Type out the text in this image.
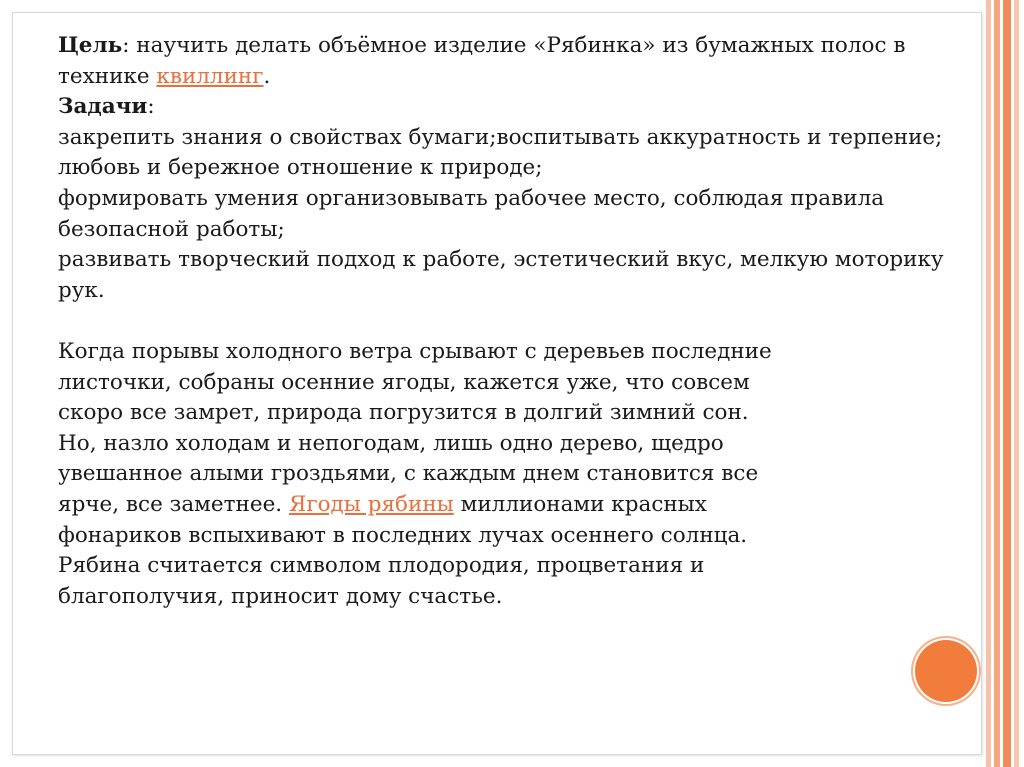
Цель: научить делать объёмное изделие «Рябинка» из бумажных полос в технике квиллинг.

Задачи:

закрепить знания о свойствах бумаги;воспитывать аккуратность и терпение;

любовь и бережное отношение к природе;

формировать умения организовывать рабочее место, соблюдая правила безопасной работы;

развивать творческий подход к работе, эстетический вкус, мелкую моторику рук.

Когда порывы холодного ветра срывают с деревьев последние листочки, собраны осенние ягоды, кажется уже, что совсем скоро все замрет, природа погрузится в долгий зимний сон. Но, назло холодам и непогодам, лишь одно дерево, щедро увешанное алыми гроздьями, с каждым днем становится все ярче, все заметнее. Ягоды рябины миллионами красных фонариков вспыхивают в последних лучах осеннего солнца. Рябина считается символом плодородия, процветания и благополучия, приносит дому счастье.
